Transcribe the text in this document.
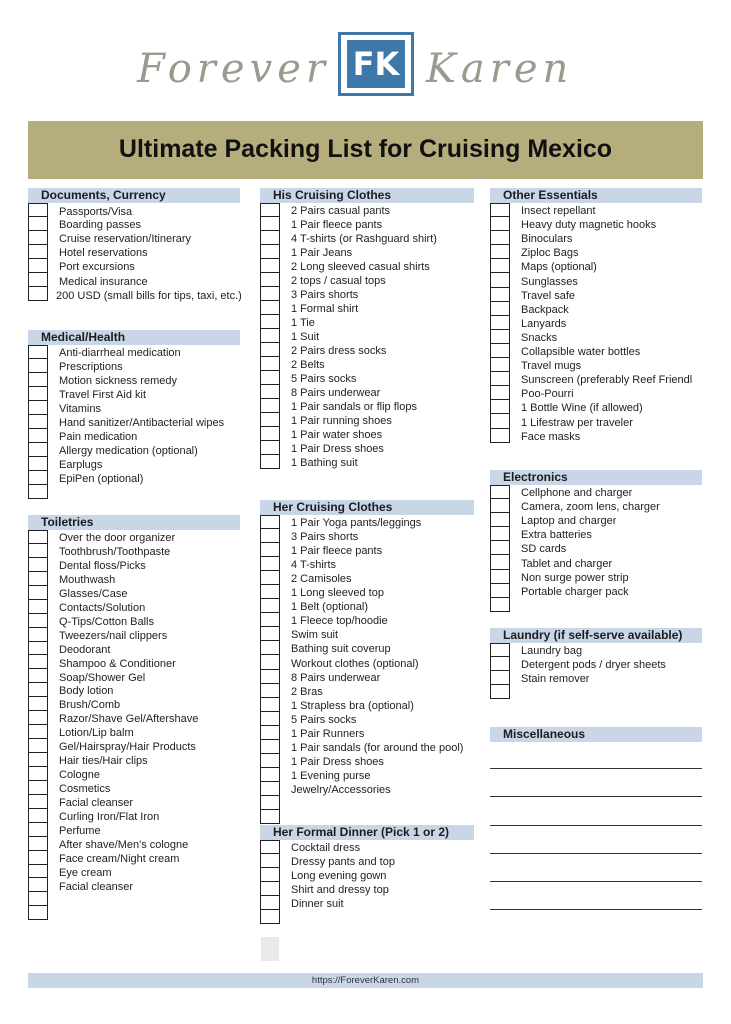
Forever FK Karen
Ultimate Packing List for Cruising Mexico
Documents, Currency
Passports/Visa
Boarding passes
Cruise reservation/Itinerary
Hotel reservations
Port excursions
Medical insurance
200 USD (small bills for tips, taxi, etc.)
Medical/Health
Anti-diarrheal medication
Prescriptions
Motion sickness remedy
Travel First Aid kit
Vitamins
Hand sanitizer/Antibacterial wipes
Pain medication
Allergy medication (optional)
Earplugs
EpiPen (optional)
Toiletries
Over the door organizer
Toothbrush/Toothpaste
Dental floss/Picks
Mouthwash
Glasses/Case
Contacts/Solution
Q-Tips/Cotton Balls
Tweezers/nail clippers
Deodorant
Shampoo & Conditioner
Soap/Shower Gel
Body lotion
Brush/Comb
Razor/Shave Gel/Aftershave
Lotion/Lip balm
Gel/Hairspray/Hair Products
Hair ties/Hair clips
Cologne
Cosmetics
Facial cleanser
Curling Iron/Flat Iron
Perfume
After shave/Men's cologne
Face cream/Night cream
Eye cream
Facial cleanser
His Cruising Clothes
2 Pairs casual pants
1 Pair fleece pants
4 T-shirts (or Rashguard shirt)
1 Pair Jeans
2 Long sleeved casual shirts
2 tops / casual tops
3 Pairs shorts
1 Formal shirt
1 Tie
1 Suit
2 Pairs dress socks
2 Belts
5 Pairs socks
8 Pairs underwear
1 Pair sandals or flip flops
1 Pair running shoes
1 Pair water shoes
1 Pair Dress shoes
1 Bathing suit
Her Cruising Clothes
1 Pair Yoga pants/leggings
3 Pairs shorts
1 Pair fleece pants
4 T-shirts
2 Camisoles
1 Long sleeved top
1 Belt (optional)
1 Fleece top/hoodie
Swim suit
Bathing suit coverup
Workout clothes (optional)
8 Pairs underwear
2 Bras
1 Strapless bra (optional)
5 Pairs socks
1 Pair Runners
1 Pair sandals (for around the pool)
1 Pair Dress shoes
1 Evening purse
Jewelry/Accessories
Her Formal Dinner (Pick 1 or 2)
Cocktail dress
Dressy pants and top
Long evening gown
Shirt and dressy top
Dinner suit
Other Essentials
Insect repellant
Heavy duty magnetic hooks
Binoculars
Ziploc Bags
Maps (optional)
Sunglasses
Travel safe
Backpack
Lanyards
Snacks
Collapsible water bottles
Travel mugs
Sunscreen (preferably Reef Friendl
Poo-Pourri
1 Bottle Wine (if allowed)
1 Lifestraw per traveler
Face masks
Electronics
Cellphone and charger
Camera, zoom lens, charger
Laptop and charger
Extra batteries
SD cards
Tablet and charger
Non surge power strip
Portable charger pack
Laundry (if self-serve available)
Laundry bag
Detergent pods / dryer sheets
Stain remover
Miscellaneous
https://ForeverKaren.com
